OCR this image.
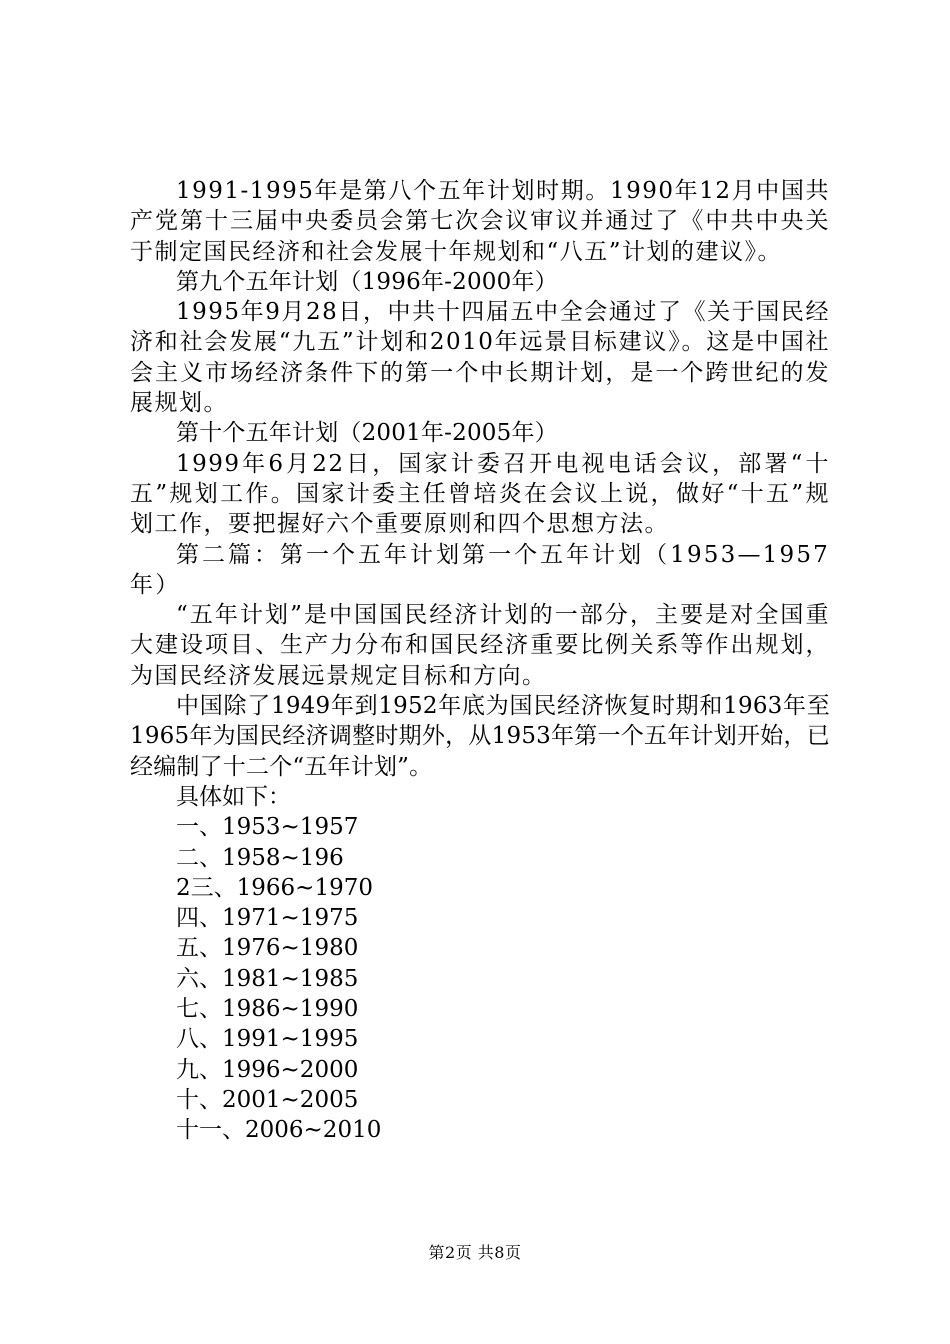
1991-1995年是第八个五年计划时期。1990年12月中国共产党第十三届中央委员会第七次会议审议并通过了《中共中央关于制定国民经济和社会发展十年规划和“八五”计划的建议》。

第九个五年计划（1996年-2000年）

1995年9月28日，中共十四届五中全会通过了《关于国民经济和社会发展“九五”计划和2010年远景目标建议》。这是中国社会主义市场经济条件下的第一个中长期计划，是一个跨世纪的发展规划。

第十个五年计划（2001年-2005年）

1999年6月22日，国家计委召开电视电话会议，部署“十五”规划工作。国家计委主任曾培炎在会议上说，做好“十五”规划工作，要把握好六个重要原则和四个思想方法。

第二篇：第一个五年计划第一个五年计划（1953—1957年）

“五年计划”是中国国民经济计划的一部分，主要是对全国重大建设项目、生产力分布和国民经济重要比例关系等作出规划，为国民经济发展远景规定目标和方向。

中国除了1949年到1952年底为国民经济恢复时期和1963年至1965年为国民经济调整时期外，从1953年第一个五年计划开始，已经编制了十二个“五年计划”。

具体如下：

一、1953~1957

二、1958~196

2三、1966~1970

四、1971~1975

五、1976~1980

六、1981~1985

七、1986~1990

八、1991~1995

九、1996~2000

十、2001~2005

十一、2006~2010

第2页 共8页
